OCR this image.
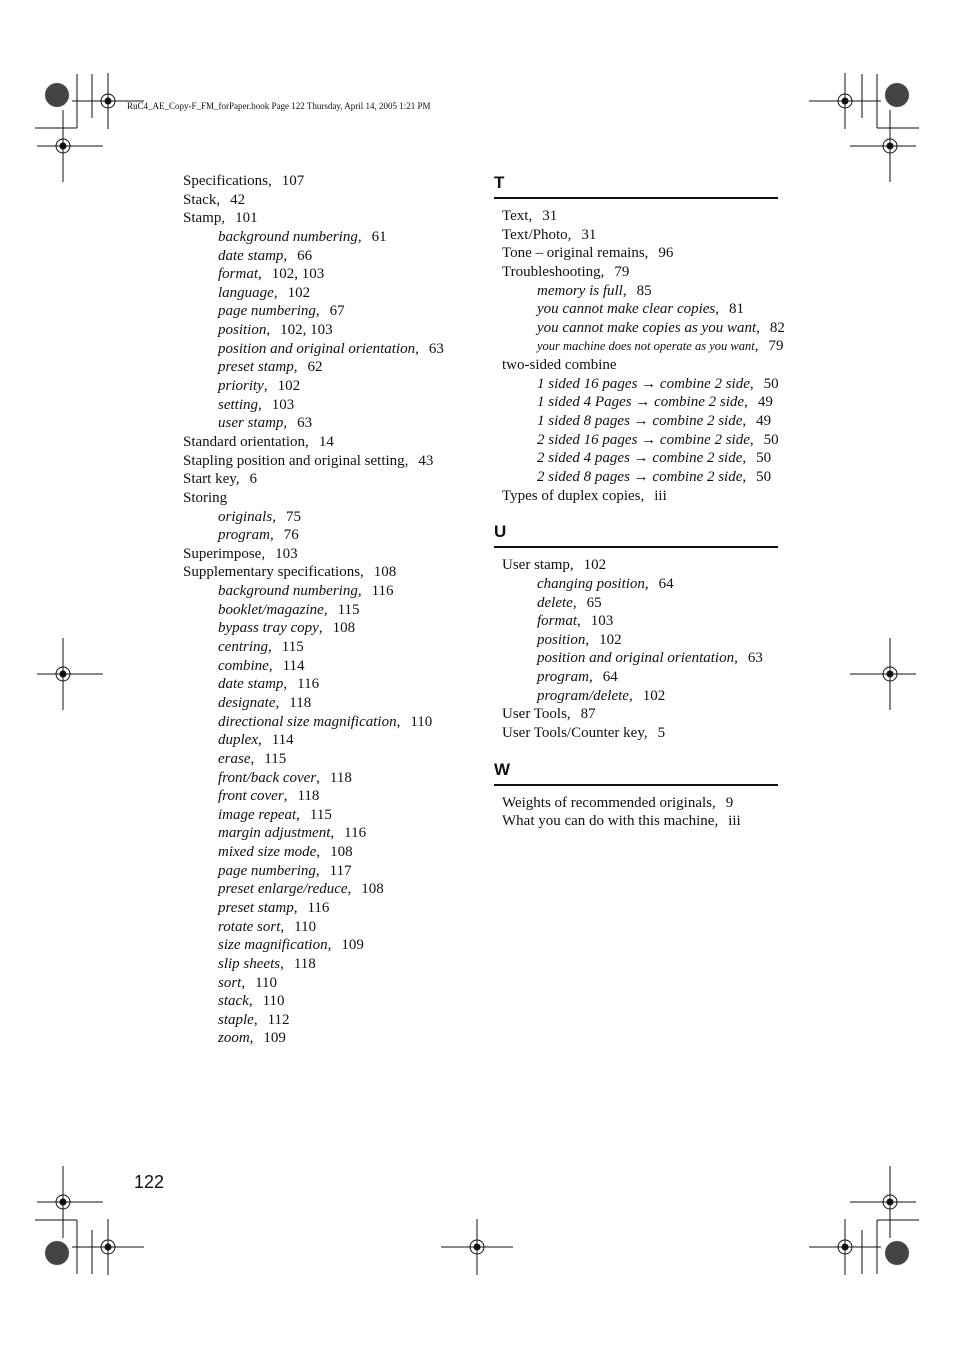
RuC4_AE_Copy-F_FM_forPaper.book Page 122 Thursday, April 14, 2005 1:21 PM
Specifications, 107
Stack, 42
Stamp, 101
background numbering, 61
date stamp, 66
format, 102, 103
language, 102
page numbering, 67
position, 102, 103
position and original orientation, 63
preset stamp, 62
priority, 102
setting, 103
user stamp, 63
Standard orientation, 14
Stapling position and original setting, 43
Start key, 6
Storing
originals, 75
program, 76
Superimpose, 103
Supplementary specifications, 108
background numbering, 116
booklet/magazine, 115
bypass tray copy, 108
centring, 115
combine, 114
date stamp, 116
designate, 118
directional size magnification, 110
duplex, 114
erase, 115
front/back cover, 118
front cover, 118
image repeat, 115
margin adjustment, 116
mixed size mode, 108
page numbering, 117
preset enlarge/reduce, 108
preset stamp, 116
rotate sort, 110
size magnification, 109
slip sheets, 118
sort, 110
stack, 110
staple, 112
zoom, 109
T
Text, 31
Text/Photo, 31
Tone – original remains, 96
Troubleshooting, 79
memory is full, 85
you cannot make clear copies, 81
you cannot make copies as you want, 82
your machine does not operate as you want, 79
two-sided combine
1 sided 16 pages → combine 2 side, 50
1 sided 4 Pages → combine 2 side, 49
1 sided 8 pages → combine 2 side, 49
2 sided 16 pages → combine 2 side, 50
2 sided 4 pages → combine 2 side, 50
2 sided 8 pages → combine 2 side, 50
Types of duplex copies, iii
U
User stamp, 102
changing position, 64
delete, 65
format, 103
position, 102
position and original orientation, 63
program, 64
program/delete, 102
User Tools, 87
User Tools/Counter key, 5
W
Weights of recommended originals, 9
What you can do with this machine, iii
122
